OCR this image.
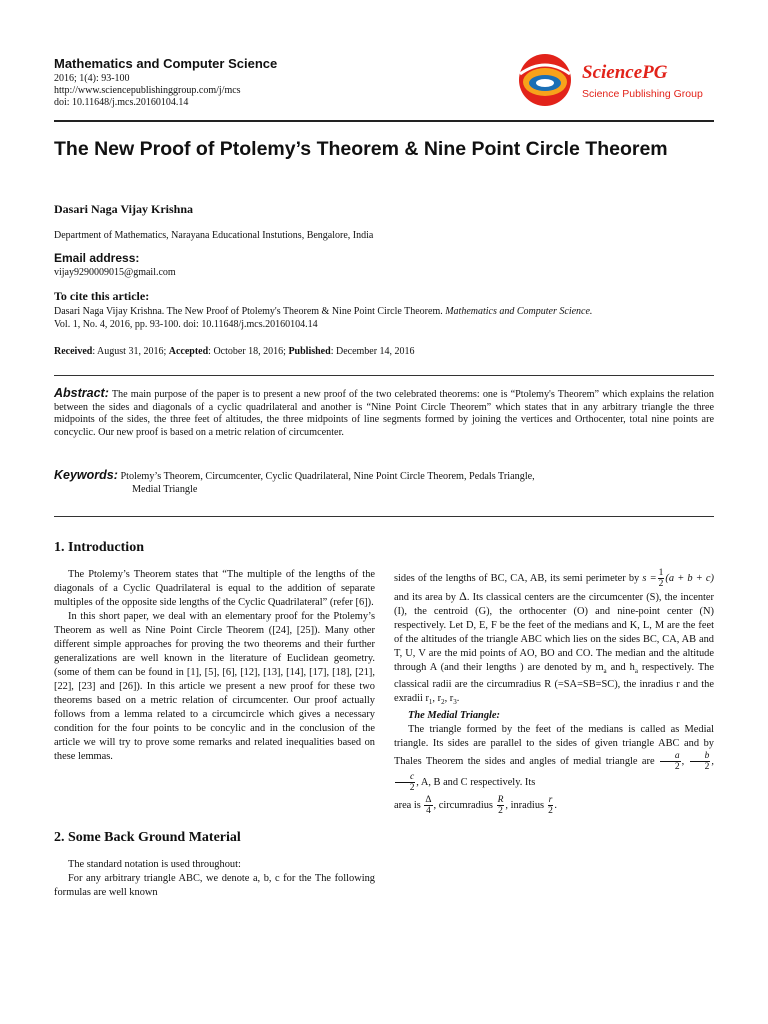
Mathematics and Computer Science
2016; 1(4): 93-100
http://www.sciencepublishinggroup.com/j/mcs
doi: 10.11648/j.mcs.20160104.14
SciencePG
Science Publishing Group
The New Proof of Ptolemy’s Theorem & Nine Point Circle Theorem
Dasari Naga Vijay Krishna
Department of Mathematics, Narayana Educational Instutions, Bengalore, India
Email address:
vijay9290009015@gmail.com
To cite this article:
Dasari Naga Vijay Krishna. The New Proof of Ptolemy's Theorem & Nine Point Circle Theorem. Mathematics and Computer Science.
Vol. 1, No. 4, 2016, pp. 93-100. doi: 10.11648/j.mcs.20160104.14
Received: August 31, 2016; Accepted: October 18, 2016; Published: December 14, 2016
Abstract: The main purpose of the paper is to present a new proof of the two celebrated theorems: one is “Ptolemy's Theorem” which explains the relation between the sides and diagonals of a cyclic quadrilateral and another is “Nine Point Circle Theorem” which states that in any arbitrary triangle the three midpoints of the sides, the three feet of altitudes, the three midpoints of line segments formed by joining the vertices and Orthocenter, total nine points are concyclic. Our new proof is based on a metric relation of circumcenter.
Keywords: Ptolemy’s Theorem, Circumcenter, Cyclic Quadrilateral, Nine Point Circle Theorem, Pedals Triangle,
Medial Triangle
1. Introduction

The Ptolemy’s Theorem states that “The multiple of the lengths of the diagonals of a Cyclic Quadrilateral is equal to the addition of separate multiples of the opposite side lengths of the Cyclic Quadrilateral” (refer [6]).

In this short paper, we deal with an elementary proof for the Ptolemy’s Theorem as well as Nine Point Circle Theorem ([24], [25]). Many other different simple approaches for proving the two theorems and their further generalizations are well known in the literature of Euclidean geometry. (some of them can be found in [1], [5], [6], [12], [13], [14], [17], [18], [21], [22], [23] and [26]). In this article we present a new proof for these two theorems based on a metric relation of circumcenter. Our proof actually follows from a lemma related to a circumcircle which gives a necessary condition for the four points to be concylic and in the conclusion of the article we will try to prove some remarks and related inequalities based on these lemmas.

2. Some Back Ground Material

The standard notation is used throughout:

For any arbitrary triangle ABC, we denote a, b, c for the The following formulas are well known

sides of the lengths of BC, CA, AB, its semi perimeter by $s = \frac{1}{2} (a + b + c)$ and its area by Δ. Its classical centers are the circumcenter (S), the incenter (I), the centroid (G), the orthocenter (O) and nine-point center (N) respectively. Let D, E, F be the feet of the medians and K, L, M are the feet of the altitudes of the triangle ABC which lies on the sides BC, CA, AB and T, U, V are the mid points of AO, BO and CO. The median and the altitude through A (and their lengths ) are denoted by $m_a$ and $h_a$ respectively. The classical radii are the circumradius R (=SA=SB=SC), the inradius r and the exradii $r_1$, $r_2$, $r_3$.
The Medial Triangle:
The triangle formed by the feet of the medians is called as Medial triangle. Its sides are parallel to the sides of given triangle ABC and by Thales Theorem the sides and angles of medial triangle are $\frac{a}{2}$ , $\frac{b}{2}$ ,
$\frac{c}{2}$ , A, B and C respectively. Its
area is $\frac{\Delta}{4}$ , circumradius $\frac{R}{2}$ , inradius $\frac{r}{2}$ .
